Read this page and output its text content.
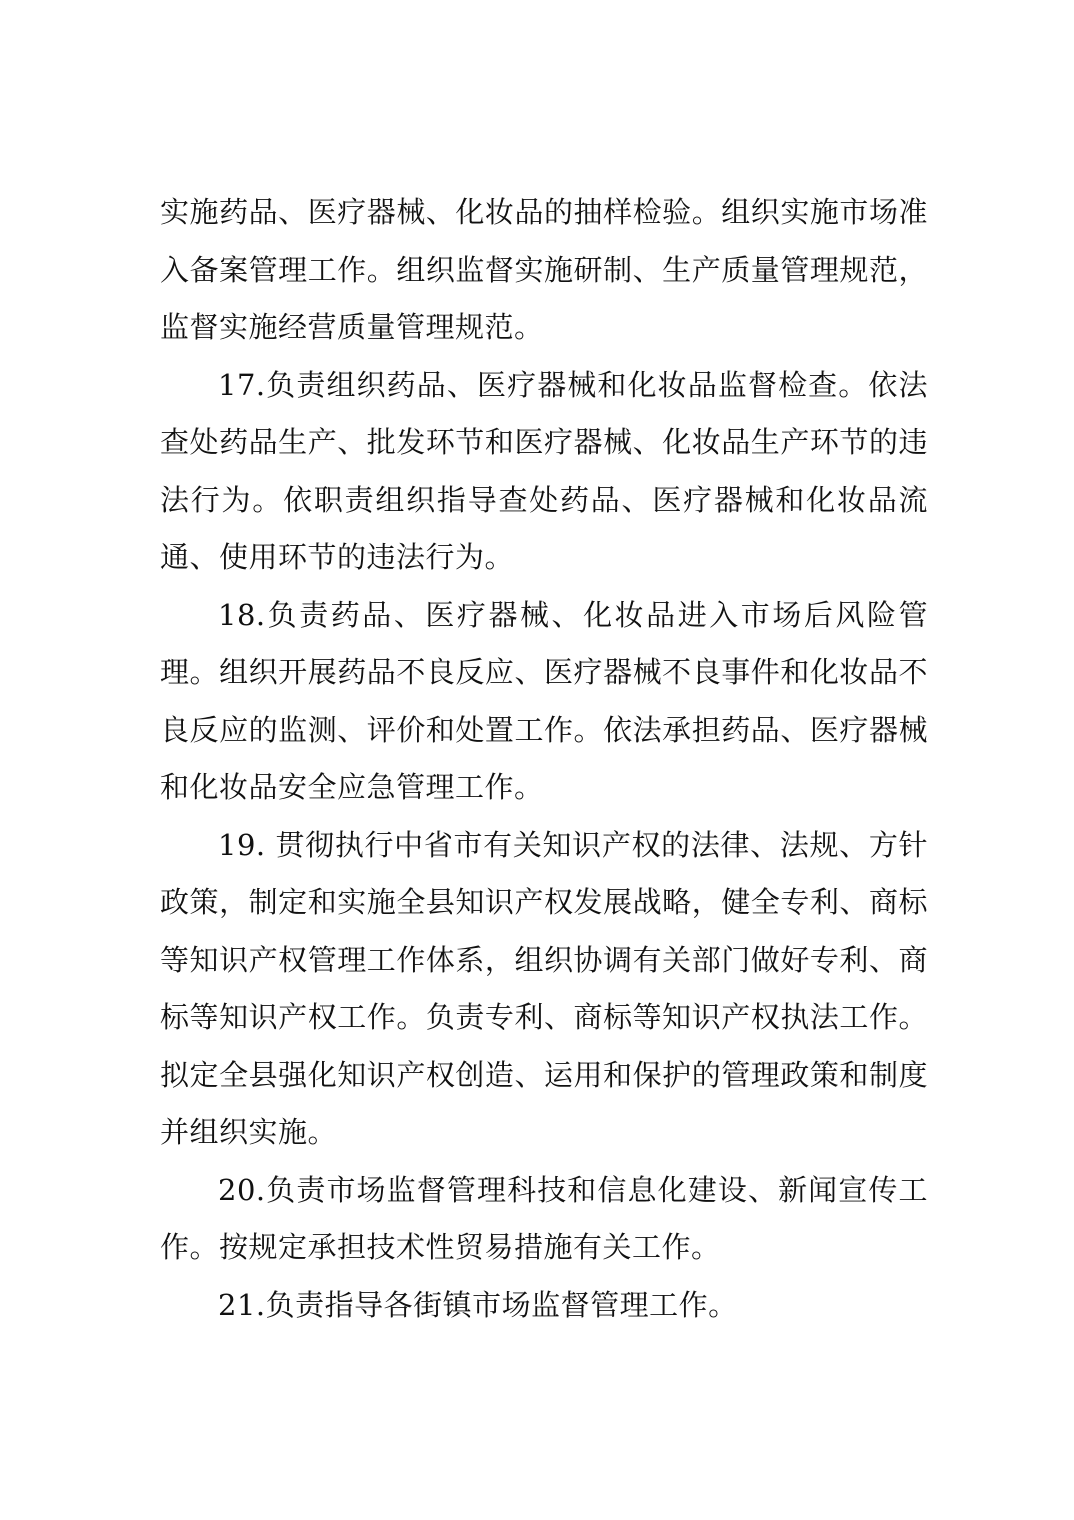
实施药品、医疗器械、化妆品的抽样检验。组织实施市场准入备案管理工作。组织监督实施研制、生产质量管理规范，监督实施经营质量管理规范。

17.负责组织药品、医疗器械和化妆品监督检查。依法查处药品生产、批发环节和医疗器械、化妆品生产环节的违法行为。依职责组织指导查处药品、医疗器械和化妆品流通、使用环节的违法行为。

18.负责药品、医疗器械、化妆品进入市场后风险管理。组织开展药品不良反应、医疗器械不良事件和化妆品不良反应的监测、评价和处置工作。依法承担药品、医疗器械和化妆品安全应急管理工作。

19. 贯彻执行中省市有关知识产权的法律、法规、方针政策，制定和实施全县知识产权发展战略，健全专利、商标等知识产权管理工作体系，组织协调有关部门做好专利、商标等知识产权工作。负责专利、商标等知识产权执法工作。拟定全县强化知识产权创造、运用和保护的管理政策和制度并组织实施。

20.负责市场监督管理科技和信息化建设、新闻宣传工作。按规定承担技术性贸易措施有关工作。

21.负责指导各街镇市场监督管理工作。
